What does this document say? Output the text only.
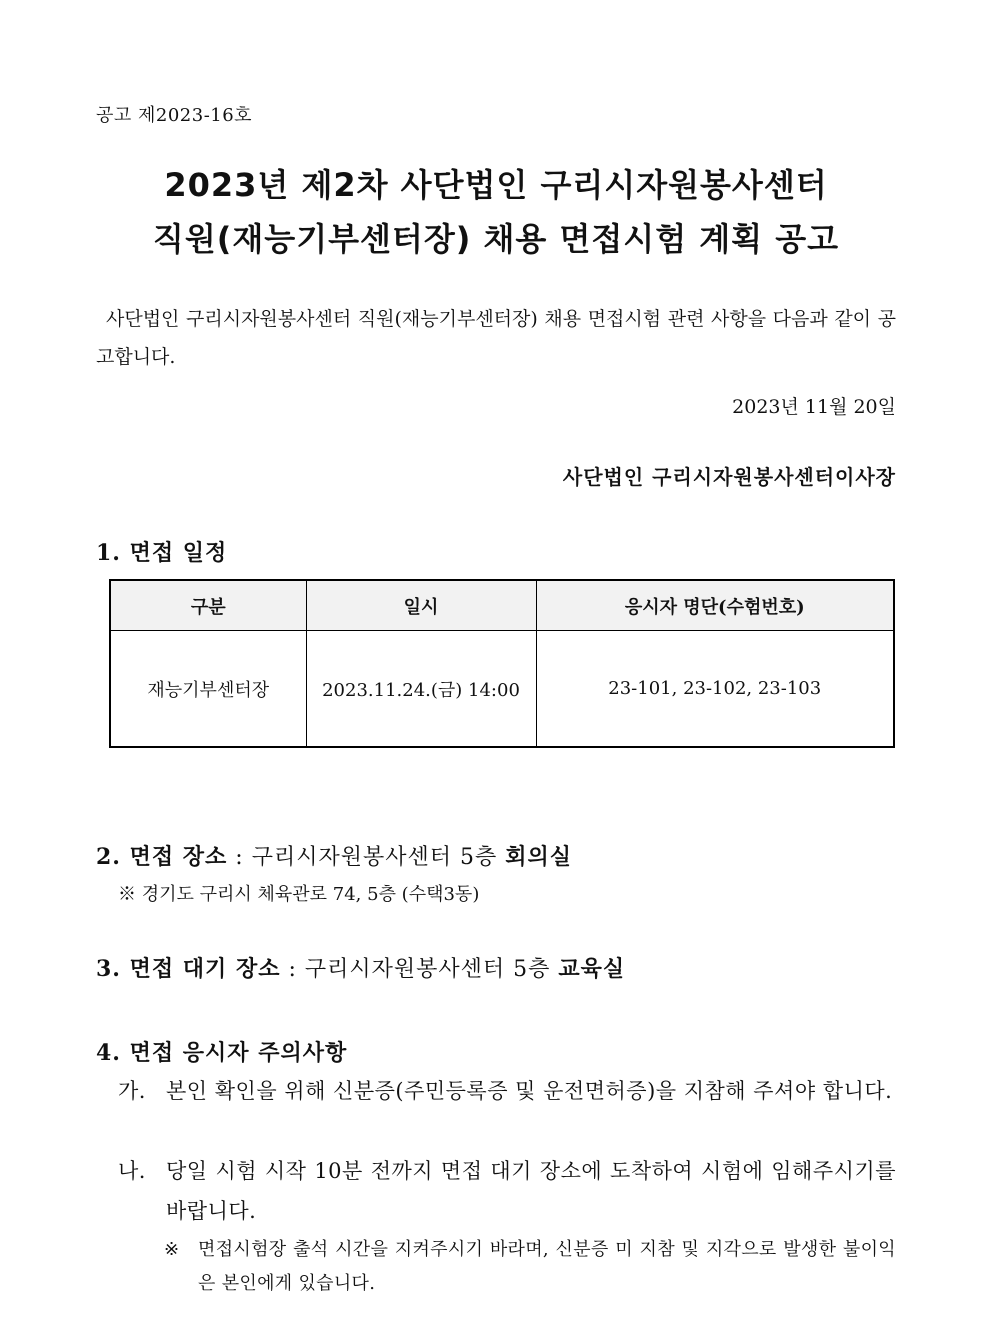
공고 제2023-16호
2023년 제2차 사단법인 구리시자원봉사센터
직원(재능기부센터장) 채용 면접시험 계획 공고
사단법인 구리시자원봉사센터 직원(재능기부센터장) 채용 면접시험 관련 사항을 다음과 같이 공고합니다.
2023년 11월 20일
사단법인 구리시자원봉사센터이사장
1. 면접 일정
구분	일시	응시자 명단(수험번호)
재능기부센터장	2023.11.24.(금) 14:00	23-101, 23-102, 23-103
2. 면접 장소 : 구리시자원봉사센터 5층 회의실
※ 경기도 구리시 체육관로 74, 5층 (수택3동)
3. 면접 대기 장소 : 구리시자원봉사센터 5층 교육실
4. 면접 응시자 주의사항
가. 본인 확인을 위해 신분증(주민등록증 및 운전면허증)을 지참해 주셔야 합니다.
나. 당일 시험 시작 10분 전까지 면접 대기 장소에 도착하여 시험에 임해주시기를 바랍니다.
※ 면접시험장 출석 시간을 지켜주시기 바라며, 신분증 미 지참 및 지각으로 발생한 불이익은 본인에게 있습니다.
